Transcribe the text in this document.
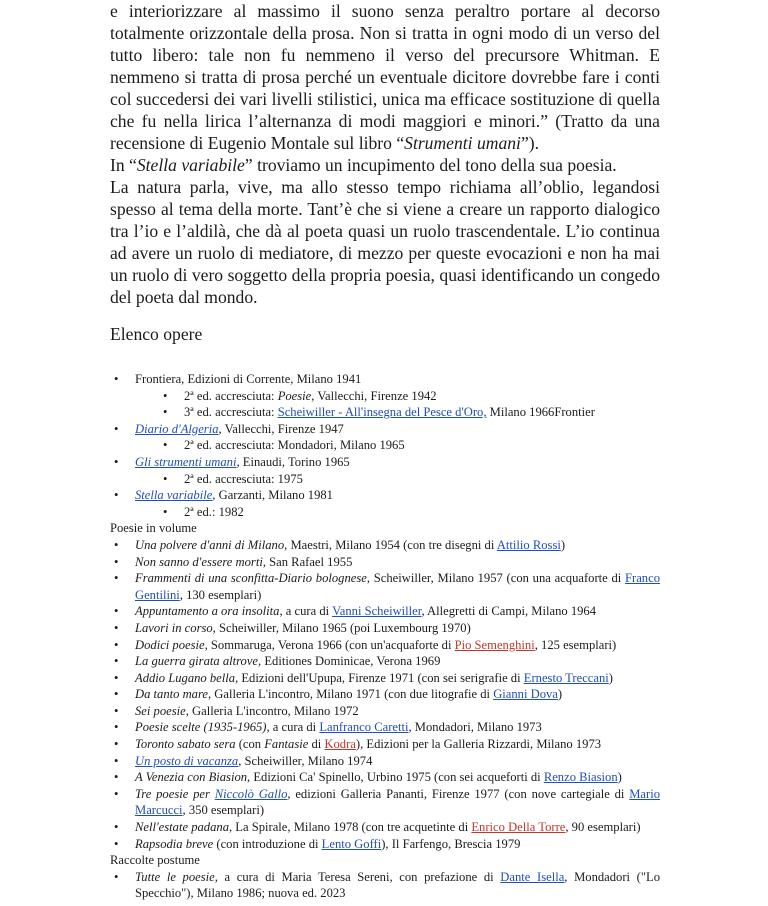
e interiorizzare al massimo il suono senza peraltro portare al decorso totalmente orizzontale della prosa. Non si tratta in ogni modo di un verso del tutto libero: tale non fu nemmeno il verso del precursore Whitman. E nemmeno si tratta di prosa perché un eventuale dicitore dovrebbe fare i conti col succedersi dei vari livelli stilistici, unica ma efficace sostituzione di quella che fu nella lirica l’alternanza di modi maggiori e minori.” (Tratto da una recensione di Eugenio Montale sul libro “Strumenti umani”).

In “Stella variabile” troviamo un incupimento del tono della sua poesia.

La natura parla, vive, ma allo stesso tempo richiama all’oblio, legandosi spesso al tema della morte. Tant’è che si viene a creare un rapporto dialogico tra l’io e l’aldilà, che dà al poeta quasi un ruolo trascendentale. L’io continua ad avere un ruolo di mediatore, di mezzo per queste evocazioni e non ha mai un ruolo di vero soggetto della propria poesia, quasi identificando un congedo del poeta dal mondo.

Elenco opere
• Frontiera, Edizioni di Corrente, Milano 1941
• 2ª ed. accresciuta: Poesie, Vallecchi, Firenze 1942
• 3ª ed. accresciuta: Scheiwiller - All'insegna del Pesce d'Oro, Milano 1966Frontier
• Diario d'Algeria, Vallecchi, Firenze 1947
• 2ª ed. accresciuta: Mondadori, Milano 1965
• Gli strumenti umani, Einaudi, Torino 1965
• 2ª ed. accresciuta: 1975
• Stella variabile, Garzanti, Milano 1981
• 2ª ed.: 1982
Poesie in volume
• Una polvere d'anni di Milano, Maestri, Milano 1954 (con tre disegni di Attilio Rossi)
• Non sanno d'essere morti, San Rafael 1955
• Frammenti di una sconfitta-Diario bolognese, Scheiwiller, Milano 1957 (con una acquaforte di Franco Gentilini, 130 esemplari)
• Appuntamento a ora insolita, a cura di Vanni Scheiwiller, Allegretti di Campi, Milano 1964
• Lavori in corso, Scheiwiller, Milano 1965 (poi Luxembourg 1970)
• Dodici poesie, Sommaruga, Verona 1966 (con un'acquaforte di Pio Semenghini, 125 esemplari)
• La guerra girata altrove, Editiones Dominicae, Verona 1969
• Addio Lugano bella, Edizioni dell'Upupa, Firenze 1971 (con sei serigrafie di Ernesto Treccani)
• Da tanto mare, Galleria L'incontro, Milano 1971 (con due litografie di Gianni Dova)
• Sei poesie, Galleria L'incontro, Milano 1972
• Poesie scelte (1935-1965), a cura di Lanfranco Caretti, Mondadori, Milano 1973
• Toronto sabato sera (con Fantasie di Kodra), Edizioni per la Galleria Rizzardi, Milano 1973
• Un posto di vacanza, Scheiwiller, Milano 1974
• A Venezia con Biasion, Edizioni Ca' Spinello, Urbino 1975 (con sei acqueforti di Renzo Biasion)
• Tre poesie per Niccolò Gallo, edizioni Galleria Pananti, Firenze 1977 (con nove cartegiale di Mario Marcucci, 350 esemplari)
• Nell'estate padana, La Spirale, Milano 1978 (con tre acquetinte di Enrico Della Torre, 90 esemplari)
• Rapsodia breve (con introduzione di Lento Goffi), Il Farfengo, Brescia 1979
Raccolte postume
• Tutte le poesie, a cura di Maria Teresa Sereni, con prefazione di Dante Isella, Mondadori ("Lo Specchio"), Milano 1986; nuova ed. 2023
